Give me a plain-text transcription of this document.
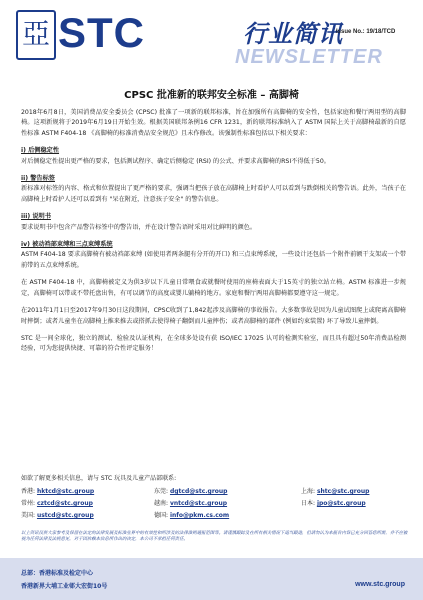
亞 STC	行业简讯
Issue No.: 19/18/TCD
NEWSLETTER
CPSC 批准新的联邦安全标准 – 高脚椅

2018年6月8日，美国消费品安全委员会 (CPSC) 批准了一项新的联邦标准，旨在加强所有高脚椅的安全性，包括家庭和餐厅两用型的高脚椅。这项新规将于2019年6月19日开始生效。根据美国联邦条例16 CFR 1231，新的联邦标准纳入了 ASTM 国际上关于高脚椅最新的自愿性标准 ASTM F404-18 《高脚椅的标准消费品安全规范》且未作修改。该强制性标准包括以下相关要求：

i) 后侧稳定性

对后侧稳定性提出更严格的要求，包括测试程序、确定后侧稳定 (RSI) 的公式、并要求高脚椅的RSI不得低于50。

ii) 警告标签

新标准对标签的内容、格式和位置提出了更严格的要求，强调当把孩子放在高脚椅上时看护人可以看到与跌倒相关的警告语。此外，当孩子在高脚椅上时看护人还可以看到有 "呆在附近，注意孩子安全" 的警告信息。

iii) 说明书

要求说明书中包含产品警告标签中的警告语，并在设计警告语时采用对比鲜明的颜色。

iv) 被动裆部束缚和三点束缚系统

ASTM F404-18 要求高脚椅有被动裆部束缚 (如使用者两条腿有分开的开口) 和三点束缚系统，一些设计还包括一个附件前额干支架或一个带前带的五点束缚系统。

在 ASTM F404-18 中，高脚椅被定义为供3岁以下儿童日常喂食或就餐时使用的座椅表面大于15英寸的独立站立椅。ASTM 标准进一步规定，高脚椅可以带或不带托盘出售，有可以调节的高度或婴儿躺椅的地方。家庭和餐厅两用高脚椅都要遵守这一规定。

在2011年1月1日至2017年9月30日这段期间，CPSC收到了1,842起涉及高脚椅的事故报告。大多数事故是因为儿童试图爬上或爬离高脚椅时摔倒；或者儿童坐在高脚椅上推来推去或搭抓去使得椅子翻倒而儿童摔伤；或者高脚椅的部件 (例如约束装置) 坏了导致儿童摔倒。

STC 是一间全球化，独立的测试、检验及认证机构，在全球多处设有获 ISO/IEC 17025 认可的检测实验室，而且具有超过50年消费品检测经验，可为您提供快捷、可靠的符合性评定服务！

如欲了解更多相关信息，请与 STC 玩具及儿童产品部联系:
香港: hktcd@stc.group	东莞: dgtcd@stc.group	上海: shtc@stc.group
常州: cztcd@stc.group	越南: vntcd@stc.group	日本: jpo@stc.group
美国: ustcd@stc.group	德国: info@pkm.cs.com
以上资讯仅供大家参考及保留在法定的法律发展及标准业界中的有效性和所涉及的法律准则通报范围等。请谨慎跟踪及在所有相关情况下适当跟进，但请勿认为本报告内容已充分回答您所需，并不应被视为任何法律及法规意见，对于因依赖本信息所作出的决定，本公司不承担任何责任。
总部：香港标准及检定中心
香港新界大埔工业邨大宏街10号	www.stc.group
